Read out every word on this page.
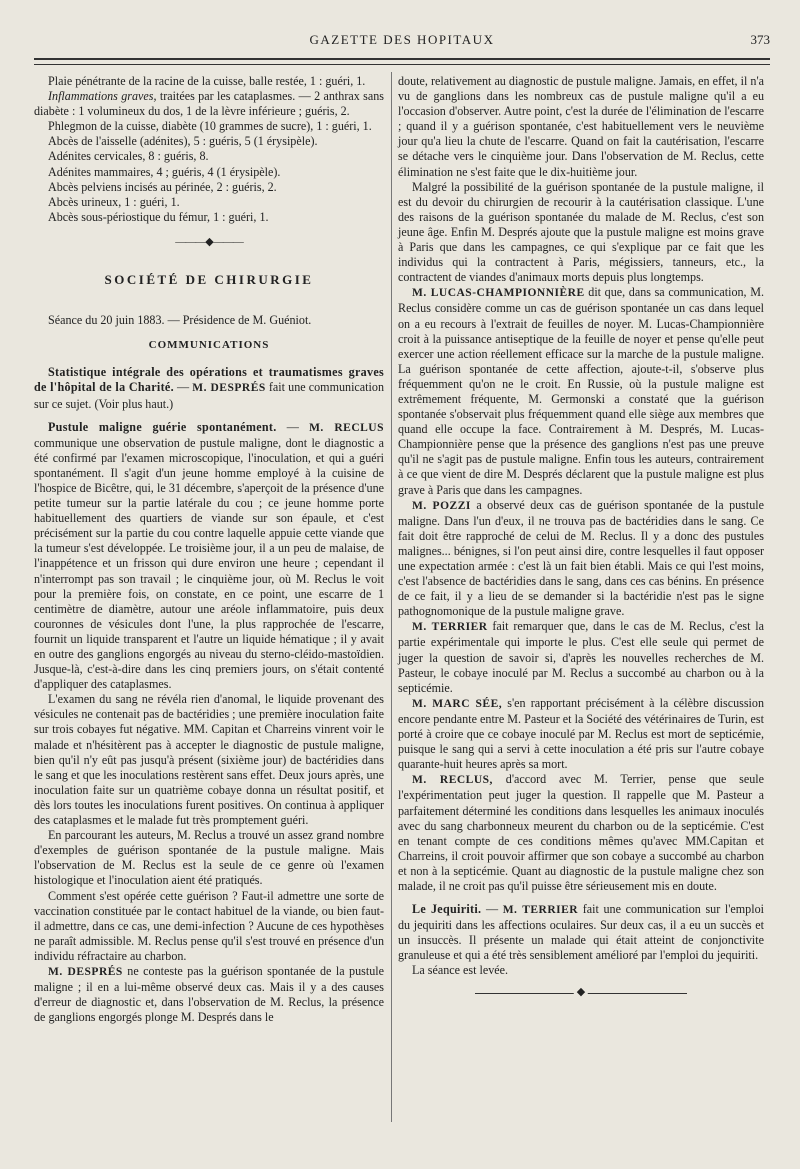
GAZETTE DES HOPITAUX	373

Plaie pénétrante de la racine de la cuisse, balle restée, 1 : guéri, 1.

Inflammations graves, traitées par les cataplasmes. — 2 anthrax sans diabète : 1 volumineux du dos, 1 de la lèvre inférieure ; guéris, 2.

Phlegmon de la cuisse, diabète (10 grammes de sucre), 1 : guéri, 1.

Abcès de l'aisselle (adénites), 5 : guéris, 5 (1 érysipèle).

Adénites cervicales, 8 : guéris, 8.

Adénites mammaires, 4 ; guéris, 4 (1 érysipèle).

Abcès pelviens incisés au périnée, 2 : guéris, 2.

Abcès urineux, 1 : guéri, 1.

Abcès sous-périostique du fémur, 1 : guéri, 1.

———◆———
SOCIÉTÉ DE CHIRURGIE

Séance du 20 juin 1883. — Présidence de M. Guéniot.

COMMUNICATIONS

Statistique intégrale des opérations et traumatismes graves de l'hôpital de la Charité. — M. DESPRÉS fait une communication sur ce sujet. (Voir plus haut.)

Pustule maligne guérie spontanément. — M. RECLUS communique une observation de pustule maligne, dont le diagnostic a été confirmé par l'examen microscopique, l'inoculation, et qui a guéri spontanément. Il s'agit d'un jeune homme employé à la cuisine de l'hospice de Bicêtre, qui, le 31 décembre, s'aperçoit de la présence d'une petite tumeur sur la partie latérale du cou ; ce jeune homme porte habituellement des quartiers de viande sur son épaule, et c'est précisément sur la partie du cou contre laquelle appuie cette viande que la tumeur s'est développée. Le troisième jour, il a un peu de malaise, de l'inappétence et un frisson qui dure environ une heure ; cependant il n'interrompt pas son travail ; le cinquième jour, où M. Reclus le voit pour la première fois, on constate, en ce point, une escarre de 1 centimètre de diamètre, autour une aréole inflammatoire, puis deux couronnes de vésicules dont l'une, la plus rapprochée de l'escarre, fournit un liquide transparent et l'autre un liquide hématique ; il y avait en outre des ganglions engorgés au niveau du sterno-cléido-mastoïdien. Jusque-là, c'est-à-dire dans les cinq premiers jours, on s'était contenté d'appliquer des cataplasmes.

L'examen du sang ne révéla rien d'anomal, le liquide provenant des vésicules ne contenait pas de bactéridies ; une première inoculation faite sur trois cobayes fut négative. MM. Capitan et Charreins vinrent voir le malade et n'hésitèrent pas à accepter le diagnostic de pustule maligne, bien qu'il n'y eût pas jusqu'à présent (sixième jour) de bactéridies dans le sang et que les inoculations restèrent sans effet. Deux jours après, une inoculation faite sur un quatrième cobaye donna un résultat positif, et dès lors toutes les inoculations furent positives. On continua à appliquer des cataplasmes et le malade fut très promptement guéri.

En parcourant les auteurs, M. Reclus a trouvé un assez grand nombre d'exemples de guérison spontanée de la pustule maligne. Mais l'observation de M. Reclus est la seule de ce genre où l'examen histologique et l'inoculation aient été pratiqués.

Comment s'est opérée cette guérison ? Faut-il admettre une sorte de vaccination constituée par le contact habituel de la viande, ou bien faut-il admettre, dans ce cas, une demi-infection ? Aucune de ces hypothèses ne paraît admissible. M. Reclus pense qu'il s'est trouvé en présence d'un individu réfractaire au charbon.

M. DESPRÉS ne conteste pas la guérison spontanée de la pustule maligne ; il en a lui-même observé deux cas. Mais il y a des causes d'erreur de diagnostic et, dans l'observation de M. Reclus, la présence de ganglions engorgés plonge M. Després dans le

doute, relativement au diagnostic de pustule maligne. Jamais, en effet, il n'a vu de ganglions dans les nombreux cas de pustule maligne qu'il a eu l'occasion d'observer. Autre point, c'est la durée de l'élimination de l'escarre ; quand il y a guérison spontanée, c'est habituellement vers le neuvième jour qu'a lieu la chute de l'escarre. Quand on fait la cautérisation, l'escarre se détache vers le cinquième jour. Dans l'observation de M. Reclus, cette élimination ne s'est faite que le dix-huitième jour.

Malgré la possibilité de la guérison spontanée de la pustule maligne, il est du devoir du chirurgien de recourir à la cautérisation classique. L'une des raisons de la guérison spontanée du malade de M. Reclus, c'est son jeune âge. Enfin M. Després ajoute que la pustule maligne est moins grave à Paris que dans les campagnes, ce qui s'explique par ce fait que les individus qui la contractent à Paris, mégissiers, tanneurs, etc., la contractent de viandes d'animaux morts depuis plus longtemps.

M. LUCAS-CHAMPIONNIÈRE dit que, dans sa communication, M. Reclus considère comme un cas de guérison spontanée un cas dans lequel on a eu recours à l'extrait de feuilles de noyer. M. Lucas-Championnière croit à la puissance antiseptique de la feuille de noyer et pense qu'elle peut exercer une action réellement efficace sur la marche de la pustule maligne. La guérison spontanée de cette affection, ajoute-t-il, s'observe plus fréquemment qu'on ne le croit. En Russie, où la pustule maligne est extrêmement fréquente, M. Germonski a constaté que la guérison spontanée s'observait plus fréquemment quand elle siège aux membres que quand elle occupe la face. Contrairement à M. Després, M. Lucas-Championnière pense que la présence des ganglions n'est pas une preuve qu'il ne s'agit pas de pustule maligne. Enfin tous les auteurs, contrairement à ce que vient de dire M. Després déclarent que la pustule maligne est plus grave à Paris que dans les campagnes.

M. POZZI a observé deux cas de guérison spontanée de la pustule maligne. Dans l'un d'eux, il ne trouva pas de bactéridies dans le sang. Ce fait doit être rapproché de celui de M. Reclus. Il y a donc des pustules malignes... bénignes, si l'on peut ainsi dire, contre lesquelles il faut opposer une expectation armée : c'est là un fait bien établi. Mais ce qui l'est moins, c'est l'absence de bactéridies dans le sang, dans ces cas bénins. En présence de ce fait, il y a lieu de se demander si la bactéridie n'est pas le signe pathognomonique de la pustule maligne grave.

M. TERRIER fait remarquer que, dans le cas de M. Reclus, c'est la partie expérimentale qui importe le plus. C'est elle seule qui permet de juger la question de savoir si, d'après les nouvelles recherches de M. Pasteur, le cobaye inoculé par M. Reclus a succombé au charbon ou à la septicémie.

M. MARC SÉE, s'en rapportant précisément à la célèbre discussion encore pendante entre M. Pasteur et la Société des vétérinaires de Turin, est porté à croire que ce cobaye inoculé par M. Reclus est mort de septicémie, puisque le sang qui a servi à cette inoculation a été pris sur l'autre cobaye quarante-huit heures après sa mort.

M. RECLUS, d'accord avec M. Terrier, pense que seule l'expérimentation peut juger la question. Il rappelle que M. Pasteur a parfaitement déterminé les conditions dans lesquelles les animaux inoculés avec du sang charbonneux meurent du charbon ou de la septicémie. C'est en tenant compte de ces conditions mêmes qu'avec MM.Capitan et Charreins, il croit pouvoir affirmer que son cobaye a succombé au charbon et non à la septicémie. Quant au diagnostic de la pustule maligne chez son malade, il ne croit pas qu'il puisse être sérieusement mis en doute.

Le Jequiriti. — M. TERRIER fait une communication sur l'emploi du jequiriti dans les affections oculaires. Sur deux cas, il a eu un succès et un insuccès. Il présente un malade qui était atteint de conjonctivite granuleuse et qui a été très sensiblement amélioré par l'emploi du jequiriti.

La séance est levée.

◆
